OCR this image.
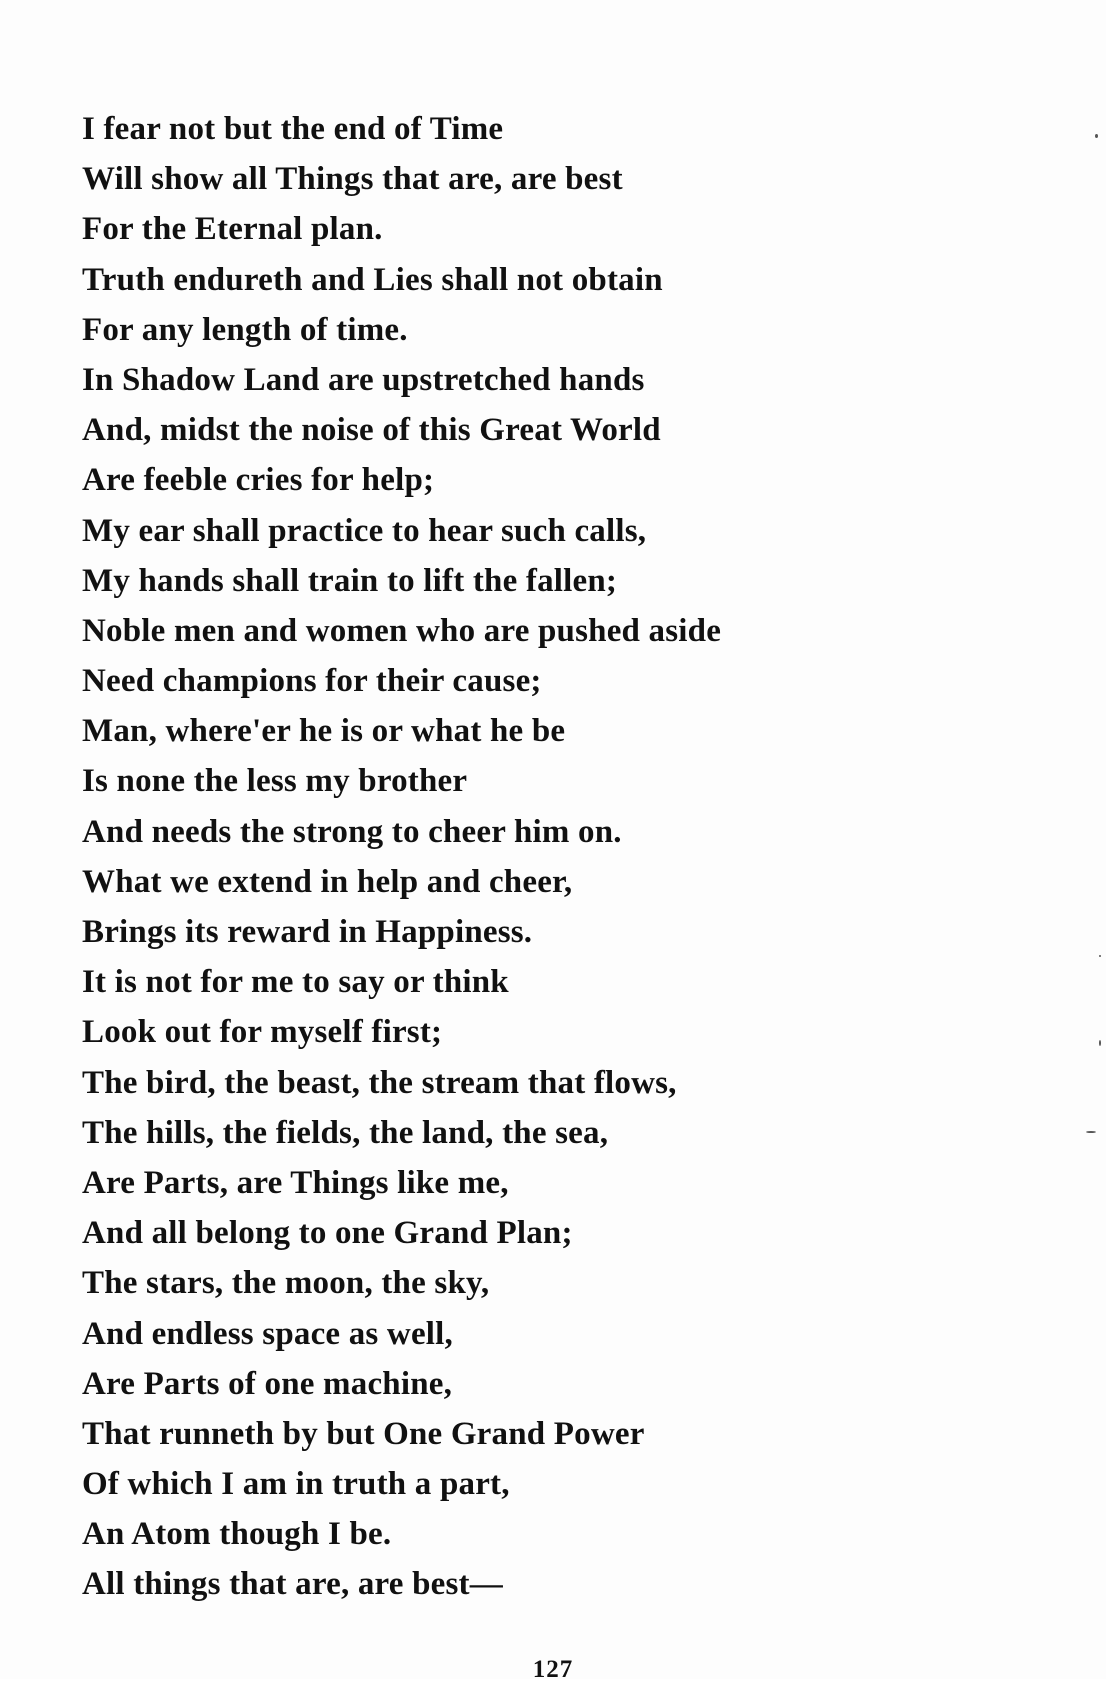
I fear not but the end of Time
Will show all Things that are, are best
For the Eternal plan.
Truth endureth and Lies shall not obtain
For any length of time.
In Shadow Land are upstretched hands
And, midst the noise of this Great World
Are feeble cries for help;
My ear shall practice to hear such calls,
My hands shall train to lift the fallen;
Noble men and women who are pushed aside
Need champions for their cause;
Man, where'er he is or what he be
Is none the less my brother
And needs the strong to cheer him on.
What we extend in help and cheer,
Brings its reward in Happiness.
It is not for me to say or think
Look out for myself first;
The bird, the beast, the stream that flows,
The hills, the fields, the land, the sea,
Are Parts, are Things like me,
And all belong to one Grand Plan;
The stars, the moon, the sky,
And endless space as well,
Are Parts of one machine,
That runneth by but One Grand Power
Of which I am in truth a part,
An Atom though I be.
All things that are, are best—
127
